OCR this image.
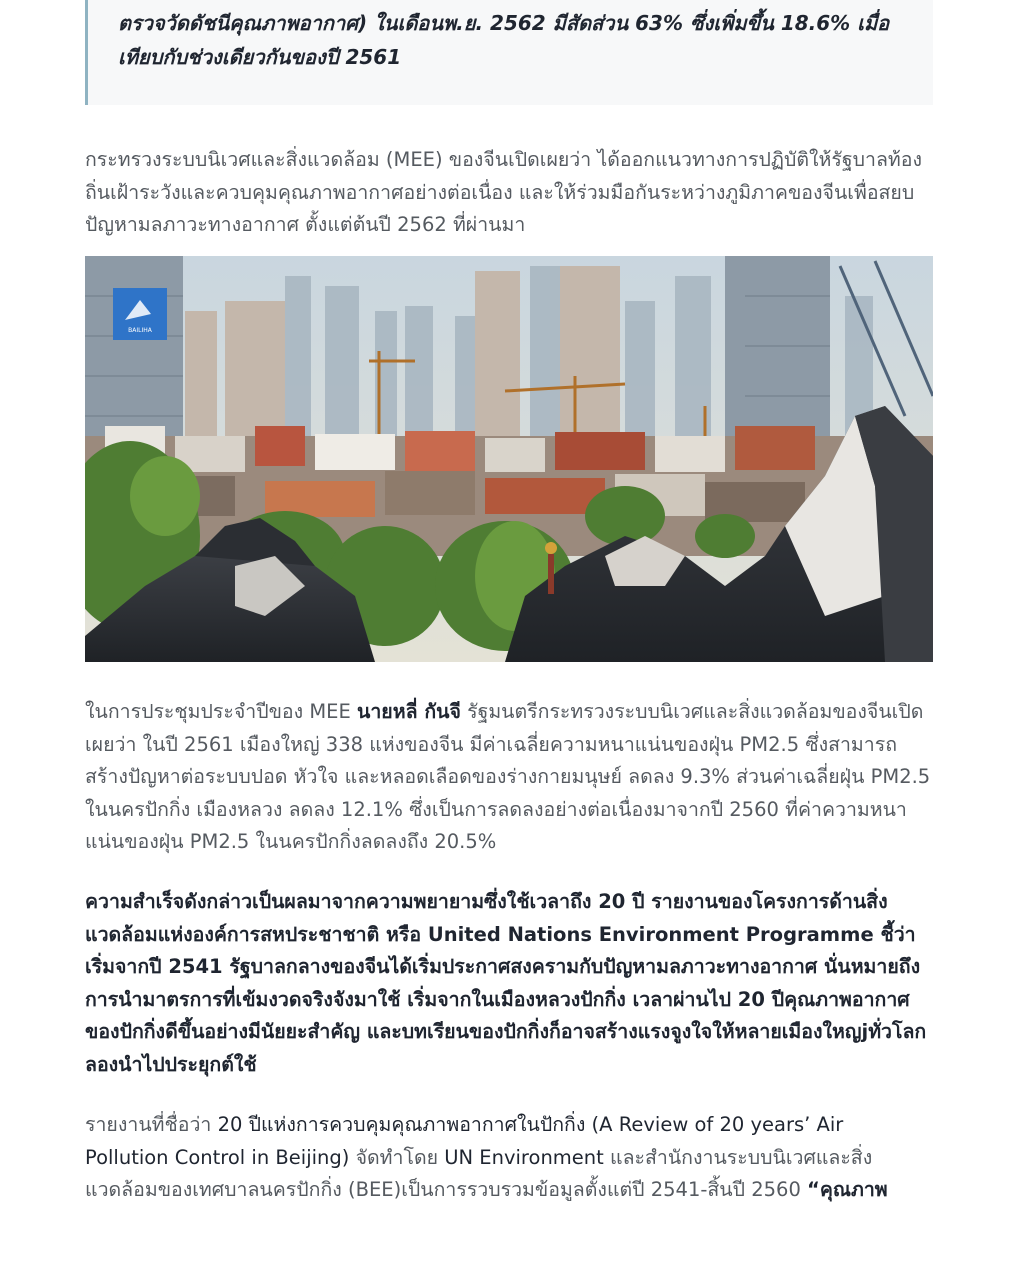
ตรวจวัดดัชนีคุณภาพอากาศ) ในเดือนพ.ย. 2562 มีสัดส่วน 63% ซึ่งเพิ่มขึ้น 18.6% เมื่อเทียบกับช่วงเดียวกันของปี 2561

กระทรวงระบบนิเวศและสิ่งแวดล้อม (MEE) ของจีนเปิดเผยว่า ได้ออกแนวทางการปฏิบัติให้รัฐบาลท้องถิ่นเฝ้าระวังและควบคุมคุณภาพอากาศอย่างต่อเนื่อง และให้ร่วมมือกันระหว่างภูมิภาคของจีนเพื่อสยบปัญหามลภาวะทางอากาศ ตั้งแต่ต้นปี 2562 ที่ผ่านมา

BAILIHA

ในการประชุมประจำปีของ MEE นายหลี่ กันจี รัฐมนตรีกระทรวงระบบนิเวศและสิ่งแวดล้อมของจีนเปิดเผยว่า ในปี 2561 เมืองใหญ่ 338 แห่งของจีน มีค่าเฉลี่ยความหนาแน่นของฝุ่น PM2.5 ซึ่งสามารถสร้างปัญหาต่อระบบปอด หัวใจ และหลอดเลือดของร่างกายมนุษย์ ลดลง 9.3% ส่วนค่าเฉลี่ยฝุ่น PM2.5 ในนครปักกิ่ง เมืองหลวง ลดลง 12.1% ซึ่งเป็นการลดลงอย่างต่อเนื่องมาจากปี 2560 ที่ค่าความหนาแน่นของฝุ่น PM2.5 ในนครปักกิ่งลดลงถึง 20.5%

ความสำเร็จดังกล่าวเป็นผลมาจากความพยายามซึ่งใช้เวลาถึง 20 ปี รายงานของโครงการด้านสิ่งแวดล้อมแห่งองค์การสหประชาชาติ หรือ United Nations Environment Programme ชี้ว่าเริ่มจากปี 2541 รัฐบาลกลางของจีนได้เริ่มประกาศสงครามกับปัญหามลภาวะทางอากาศ นั่นหมายถึงการนำมาตรการที่เข้มงวดจริงจังมาใช้ เริ่มจากในเมืองหลวงปักกิ่ง เวลาผ่านไป 20 ปีคุณภาพอากาศของปักกิ่งดีขึ้นอย่างมีนัยยะสำคัญ และบทเรียนของปักกิ่งก็อาจสร้างแรงจูงใจให้หลายเมืองใหญjทั่วโลกลองนำไปประยุกต์ใช้

รายงานที่ชื่อว่า 20 ปีแห่งการควบคุมคุณภาพอากาศในปักกิ่ง (A Review of 20 years’ Air Pollution Control in Beijing) จัดทำโดย UN Environment และสำนักงานระบบนิเวศและสิ่งแวดล้อมของเทศบาลนครปักกิ่ง (BEE)เป็นการรวบรวมข้อมูลตั้งแต่ปี 2541-สิ้นปี 2560 “คุณภาพ
